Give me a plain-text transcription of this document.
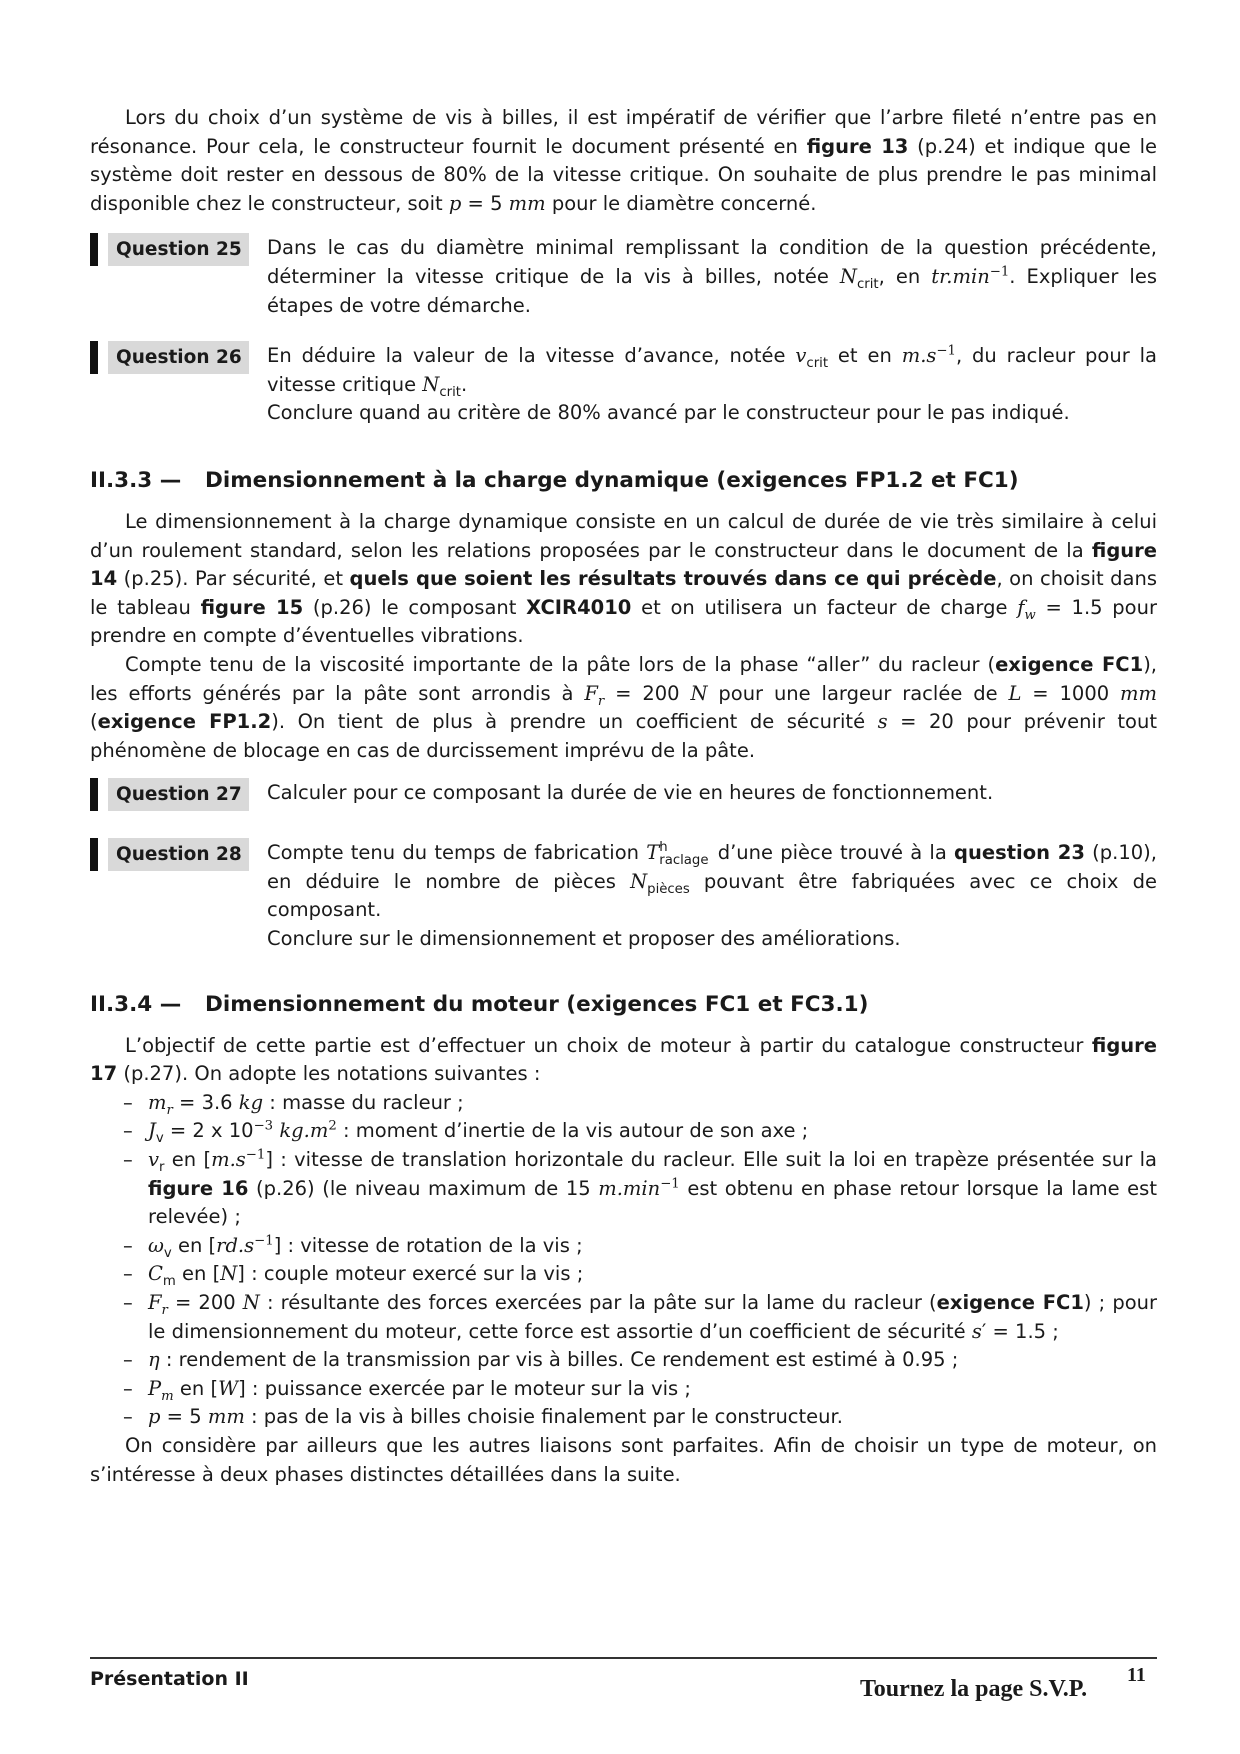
Lors du choix d’un système de vis à billes, il est impératif de vérifier que l’arbre fileté n’entre pas en résonance. Pour cela, le constructeur fournit le document présenté en figure 13 (p.24) et indique que le système doit rester en dessous de 80% de la vitesse critique. On souhaite de plus prendre le pas minimal disponible chez le constructeur, soit p = 5 mm pour le diamètre concerné.

Question 25	Dans le cas du diamètre minimal remplissant la condition de la question précédente, déterminer la vitesse critique de la vis à billes, notée $N_{crit}$, en $tr.\min^{-1}$. Expliquer les étapes de votre démarche.

Question 26	En déduire la valeur de la vitesse d’avance, notée $v_{crit}$ et en $m.s^{-1}$, du racleur pour la vitesse critique $N_{crit}$.

Conclure quand au critère de 80% avancé par le constructeur pour le pas indiqué.

II.3.3 —	Dimensionnement à la charge dynamique (exigences FP1.2 et FC1)

Le dimensionnement à la charge dynamique consiste en un calcul de durée de vie très similaire à celui d’un roulement standard, selon les relations proposées par le constructeur dans le document de la figure 14 (p.25). Par sécurité, et quels que soient les résultats trouvés dans ce qui précède, on choisit dans le tableau figure 15 (p.26) le composant XCIR4010 et on utilisera un facteur de charge $f_w = 1.5$ pour prendre en compte d’éventuelles vibrations.

Compte tenu de la viscosité importante de la pâte lors de la phase “aller” du racleur (exigence FC1), les efforts générés par la pâte sont arrondis à $F_r = 200$ N pour une largeur raclée de L = 1000 mm (exigence FP1.2). On tient de plus à prendre un coefficient de sécurité s = 20 pour prévenir tout phénomène de blocage en cas de durcissement imprévu de la pâte.

Question 27	Calculer pour ce composant la durée de vie en heures de fonctionnement.

Question 28	Compte tenu du temps de fabrication T h
raclage d’une pièce trouvé à la question 23 (p.10), en déduire le nombre de pièces $N_{pièces}$ pouvant être fabriquées avec ce choix de composant.

Conclure sur le dimensionnement et proposer des améliorations.

II.3.4 —	Dimensionnement du moteur (exigences FC1 et FC3.1)

L’objectif de cette partie est d’effectuer un choix de moteur à partir du catalogue constructeur figure 17 (p.27). On adopte les notations suivantes :

– $m_r = 3.6$ kg : masse du racleur ;
– $J_v = 2$ x $10^{-3}$ $kg.m^2$ : moment d’inertie de la vis autour de son axe ;
– $v_r$ en $[m.s^{-1}]$ : vitesse de translation horizontale du racleur. Elle suit la loi en trapèze présentée sur la figure 16 (p.26) (le niveau maximum de 15 $m.\min^{-1}$ est obtenu en phase retour lorsque la lame est relevée) ;
– $\omega_v$ en $[rd.s^{-1}]$ : vitesse de rotation de la vis ;
– $C_m$ en [N] : couple moteur exercé sur la vis ;
– $F_r = 200$ N : résultante des forces exercées par la pâte sur la lame du racleur (exigence FC1) ; pour le dimensionnement du moteur, cette force est assortie d’un coefficient de sécurité s′ = 1.5 ;
– η : rendement de la transmission par vis à billes. Ce rendement est estimé à 0.95 ;
– $P_m$ en [W] : puissance exercée par le moteur sur la vis ;
– p = 5 mm : pas de la vis à billes choisie finalement par le constructeur.

On considère par ailleurs que les autres liaisons sont parfaites. Afin de choisir un type de moteur, on s’intéresse à deux phases distinctes détaillées dans la suite.

Présentation II	Tournez la page S.V.P.
11
